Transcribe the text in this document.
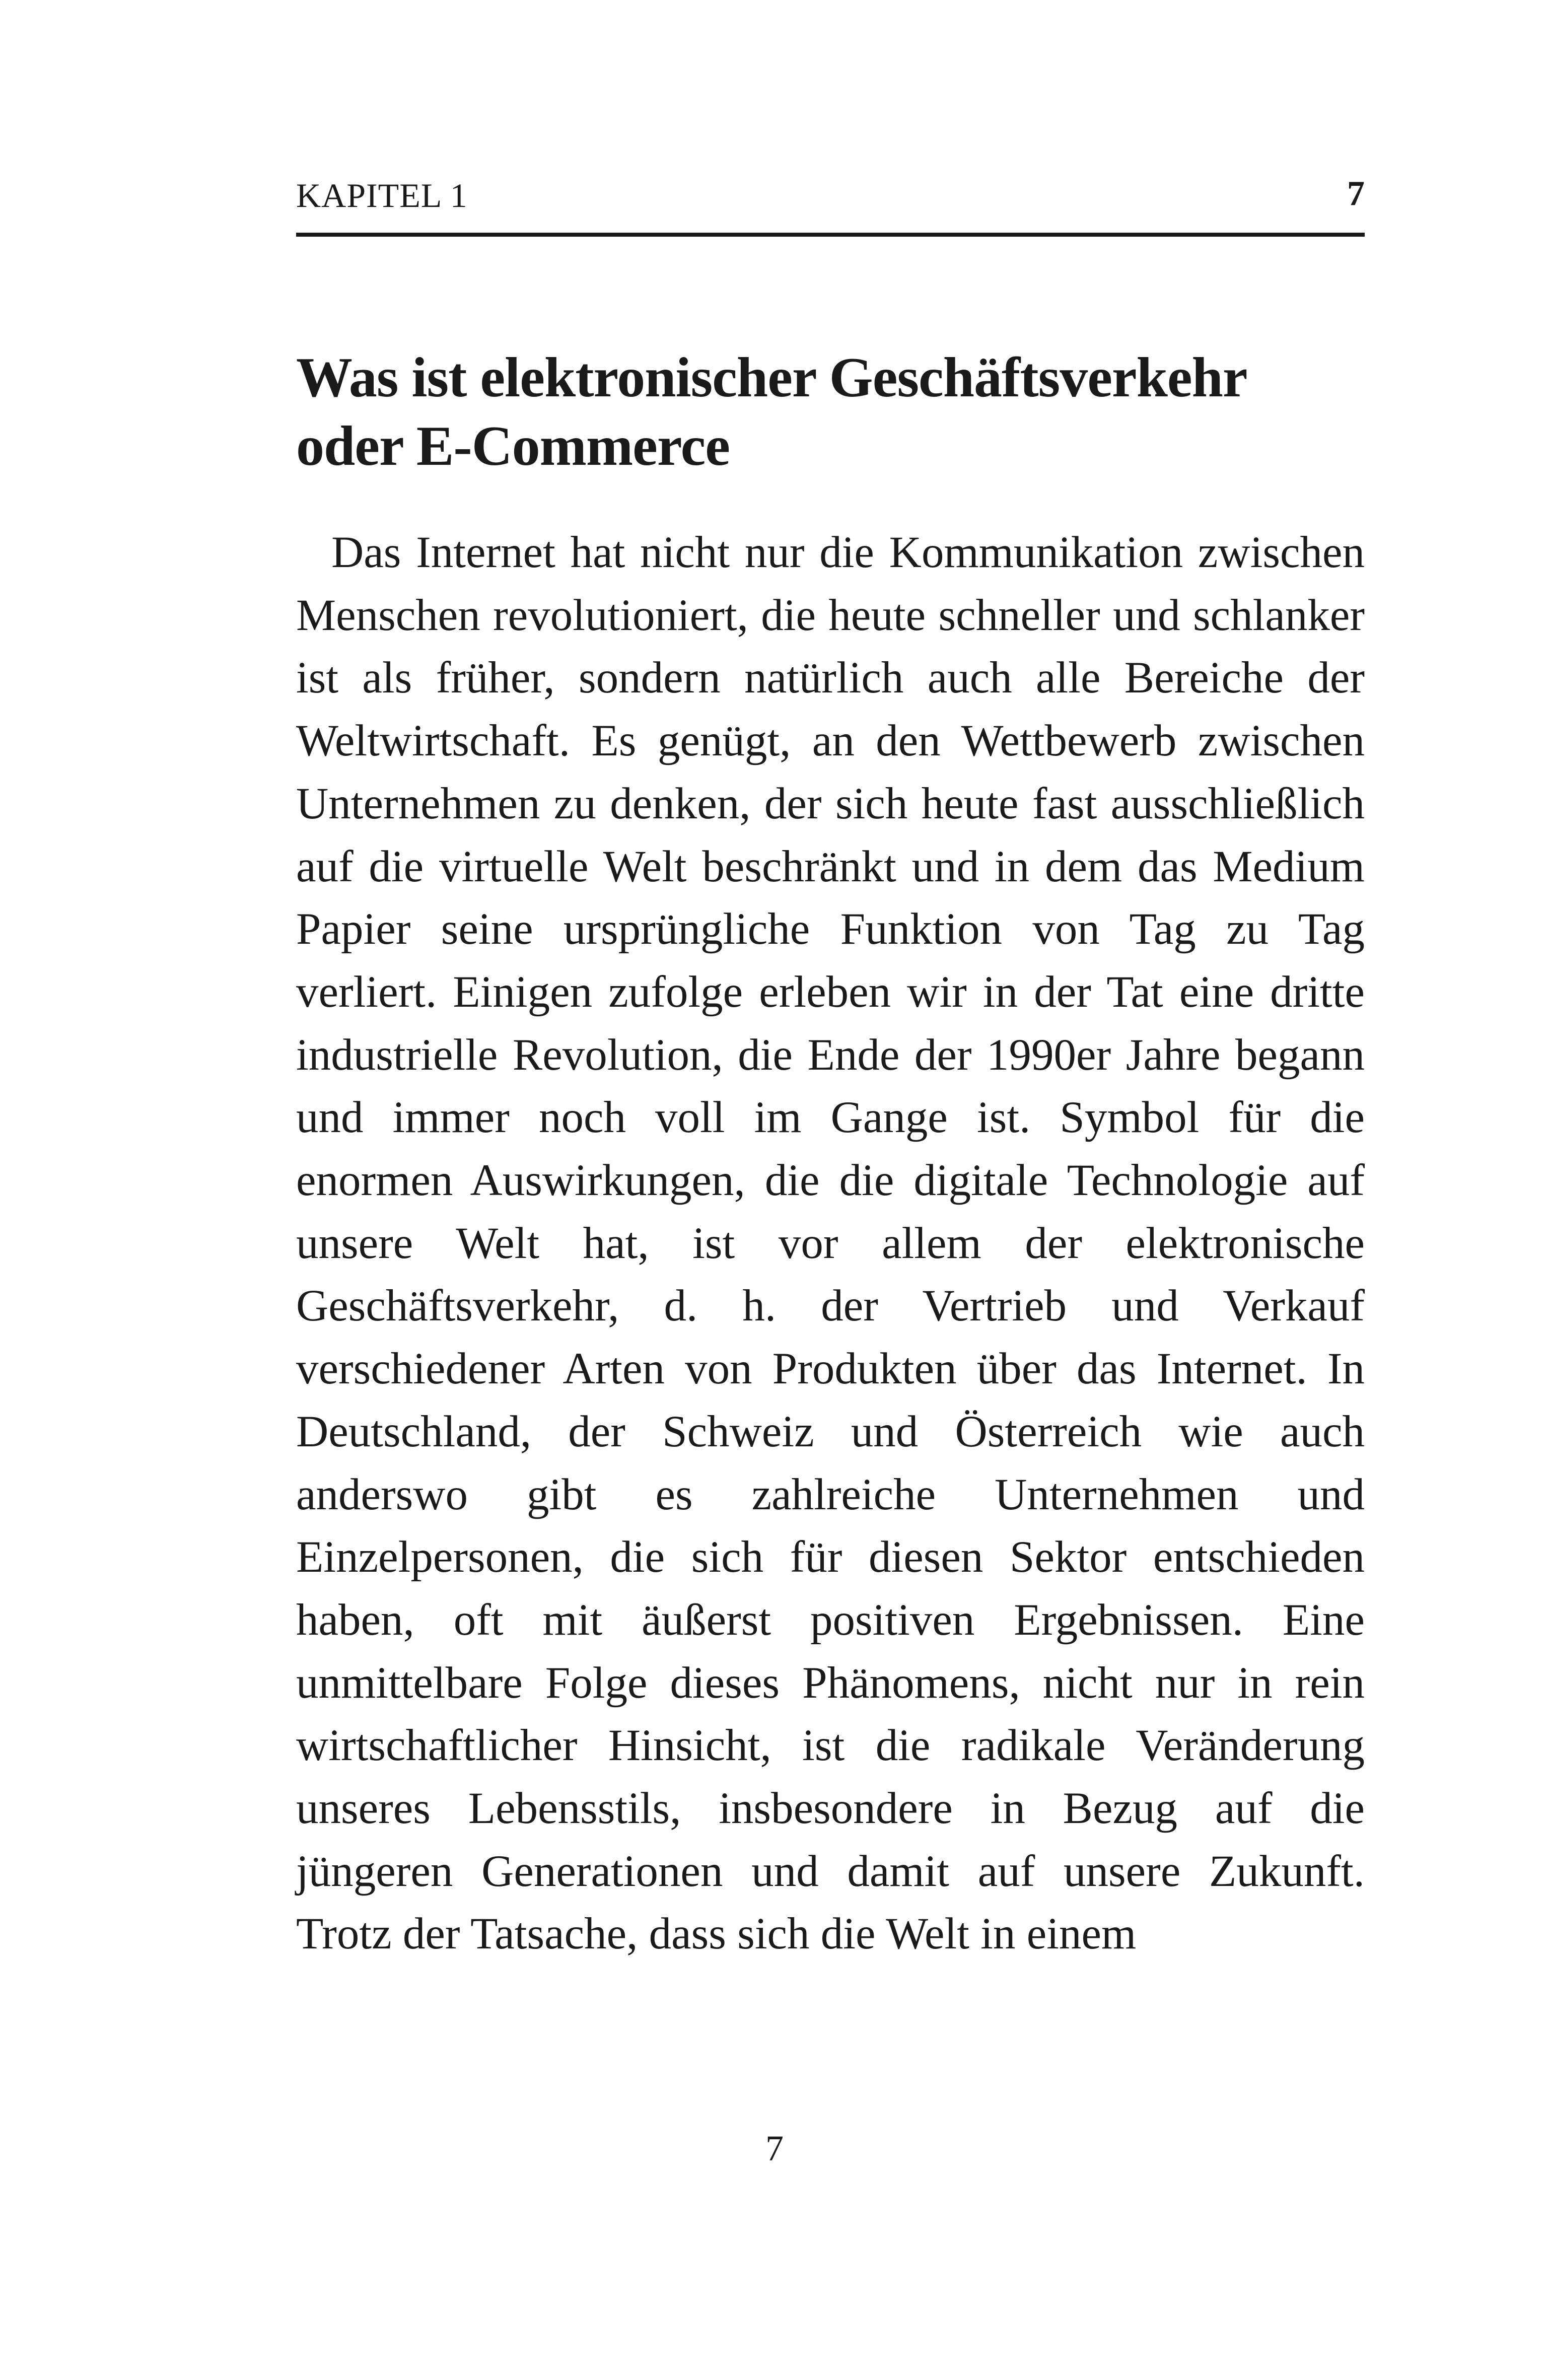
KAPITEL 1	7
Was ist elektronischer Geschäftsverkehr
oder E-Commerce

Das Internet hat nicht nur die Kommunikation zwischen Menschen revolutioniert, die heute schneller und schlanker ist als früher, sondern natürlich auch alle Bereiche der Weltwirtschaft. Es genügt, an den Wettbewerb zwischen Unternehmen zu denken, der sich heute fast ausschließlich auf die virtuelle Welt beschränkt und in dem das Medium Papier seine ursprüngliche Funktion von Tag zu Tag verliert. Einigen zufolge erleben wir in der Tat eine dritte industrielle Revolution, die Ende der 1990er Jahre begann und immer noch voll im Gange ist. Symbol für die enormen Auswirkungen, die die digitale Technologie auf unsere Welt hat, ist vor allem der elektronische Geschäftsverkehr, d. h. der Vertrieb und Verkauf verschiedener Arten von Produkten über das Internet. In Deutschland, der Schweiz und Österreich wie auch anderswo gibt es zahlreiche Unternehmen und Einzelpersonen, die sich für diesen Sektor entschieden haben, oft mit äußerst positiven Ergebnissen. Eine unmittelbare Folge dieses Phänomens, nicht nur in rein wirtschaftlicher Hinsicht, ist die radikale Veränderung unseres Lebensstils, insbesondere in Bezug auf die jüngeren Generationen und damit auf unsere Zukunft. Trotz der Tatsache, dass sich die Welt in einem

7
